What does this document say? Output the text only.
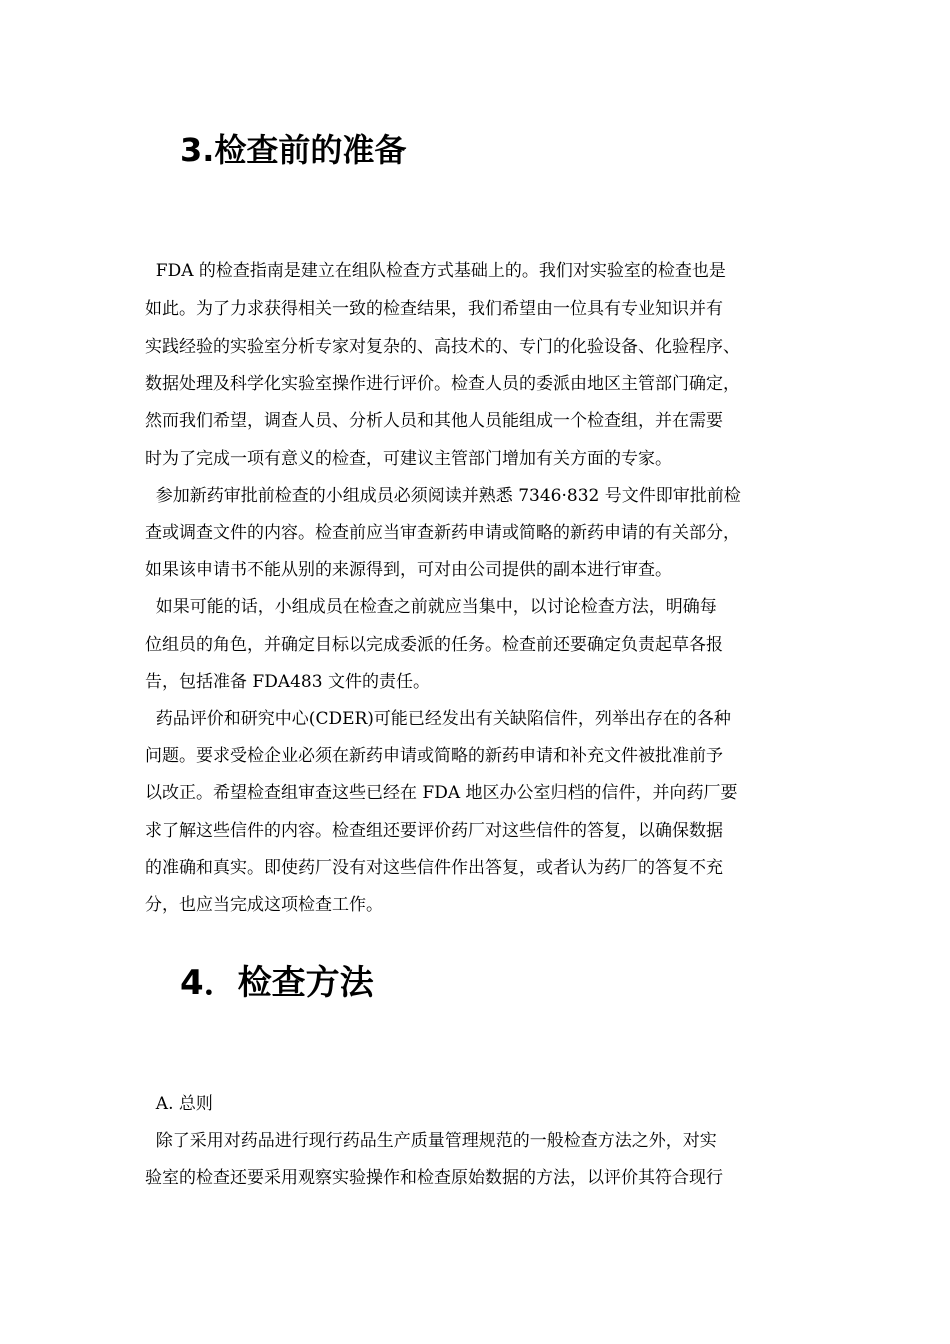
3.检查前的准备

FDA 的检查指南是建立在组队检查方式基础上的。我们对实验室的检查也是

如此。为了力求获得相关一致的检查结果，我们希望由一位具有专业知识并有

实践经验的实验室分析专家对复杂的、高技术的、专门的化验设备、化验程序、

数据处理及科学化实验室操作进行评价。检查人员的委派由地区主管部门确定，

然而我们希望，调查人员、分析人员和其他人员能组成一个检查组，并在需要

时为了完成一项有意义的检查，可建议主管部门增加有关方面的专家。

参加新药审批前检查的小组成员必须阅读并熟悉 7346·832 号文件即审批前检

查或调查文件的内容。检查前应当审查新药申请或简略的新药申请的有关部分，

如果该申请书不能从别的来源得到，可对由公司提供的副本进行审查。

如果可能的话，小组成员在检查之前就应当集中，以讨论检查方法，明确每

位组员的角色，并确定目标以完成委派的任务。检查前还要确定负责起草各报

告，包括准备 FDA483 文件的责任。

药品评价和研究中心(CDER)可能已经发出有关缺陷信件，列举出存在的各种

问题。要求受检企业必须在新药申请或简略的新药申请和补充文件被批准前予

以改正。希望检查组审查这些已经在 FDA 地区办公室归档的信件，并向药厂要

求了解这些信件的内容。检查组还要评价药厂对这些信件的答复，以确保数据

的准确和真实。即使药厂没有对这些信件作出答复，或者认为药厂的答复不充

分，也应当完成这项检查工作。

4．检查方法

A. 总则

除了采用对药品进行现行药品生产质量管理规范的一般检查方法之外，对实

验室的检查还要采用观察实验操作和检查原始数据的方法，以评价其符合现行
